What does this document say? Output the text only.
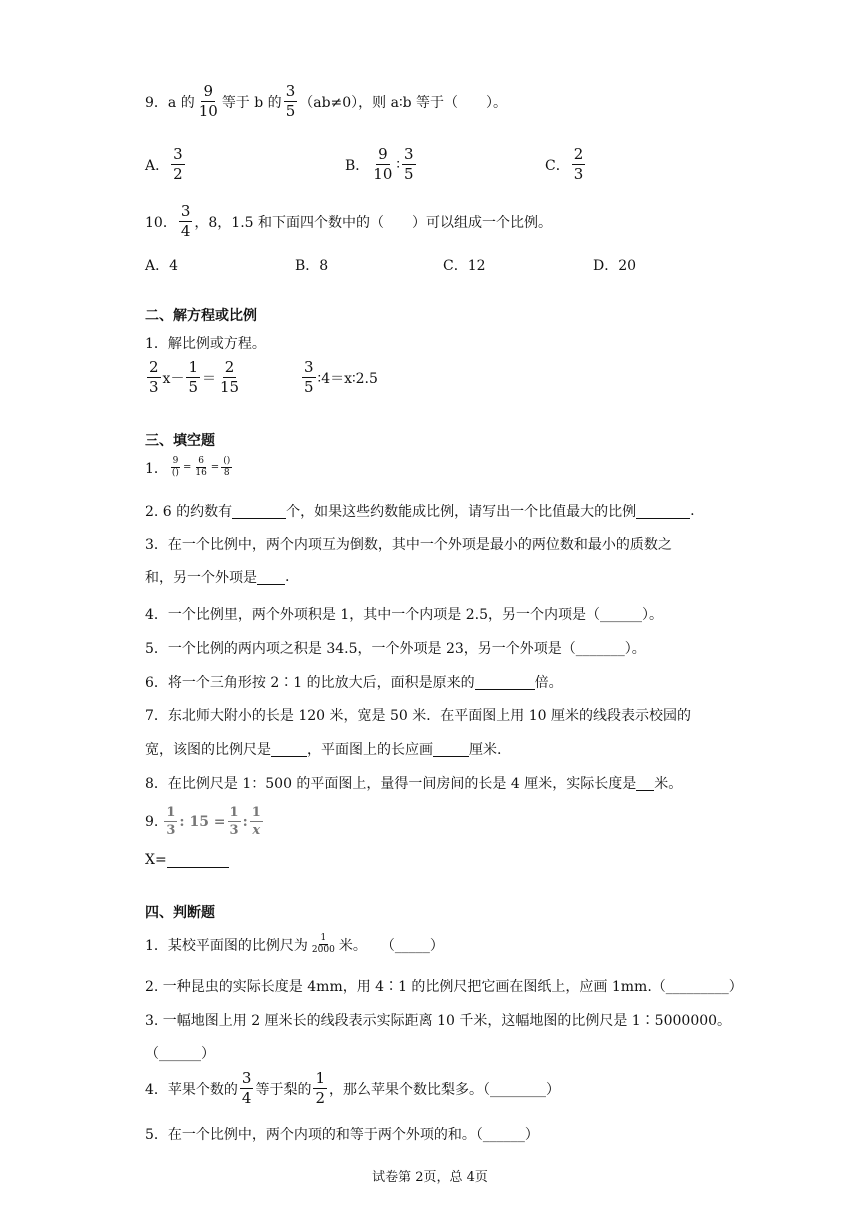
9． a 的 $\frac{9}{10}$ 等于 b 的 $\frac{3}{5} (ab\ne 0)$，则 a∶b 等于（　　）。
A． $\frac{3}{2}$	B． $\frac{9}{10}$ ∶ $\frac{3}{5}$	C． $\frac{2}{3}$
10． $\frac{3}{4}$ ，8，1.5 和下面四个数中的（　　）可以组成一个比例。
A．4	B．8	C．12	D．20
二、解方程或比例
1．解比例或方程。
$\frac{2}{3} x- \frac{1}{5} = \frac{2}{15}$	$\frac{3}{5}$ ∶4＝x∶2.5
三、填空题
1． $\frac{9}{()} = \frac{6}{16} = \frac{()}{8}$
2. 6 的约数有	个，如果这些约数能成比例，请写出一个比值最大的比例	.
3．在一个比例中，两个内项互为倒数，其中一个外项是最小的两位数和最小的质数之
和，另一个外项是 .
4．一个比例里，两个外项积是 1，其中一个内项是 2.5，另一个内项是（______）。
5．一个比例的两内项之积是 34.5，一个外项是 23，另一个外项是（_______）。
6．将一个三角形按 2∶1 的比放大后，面积是原来的	倍。
7．东北师大附小的长是 120 米，宽是 50 米．在平面图上用 10 厘米的线段表示校园的
宽，该图的比例尺是	，平面图上的长应画	厘米.
8．在比例尺是 1：500 的平面图上，量得一间房间的长是 4 厘米，实际长度是 米。
9. $\frac{1}{3}$ : $15 = \frac{1}{3}$ : $\frac{1}{x}$
X=
四、判断题
1．某校平面图的比例尺为 $\frac{1}{2000}$ 米。　　（_____）
2. 一种昆虫的实际长度是 4mm，用 4∶1 的比例尺把它画在图纸上，应画 1mm.（_________）
3. 一幅地图上用 2 厘米长的线段表示实际距离 10 千米，这幅地图的比例尺是 1∶5000000。
（______）
4．苹果个数的 $\frac{3}{4}$ 等于梨的 $\frac{1}{2}$ ，那么苹果个数比梨多。（________）
5．在一个比例中，两个内项的和等于两个外项的和。（______）
试卷第 2页，总 4页
